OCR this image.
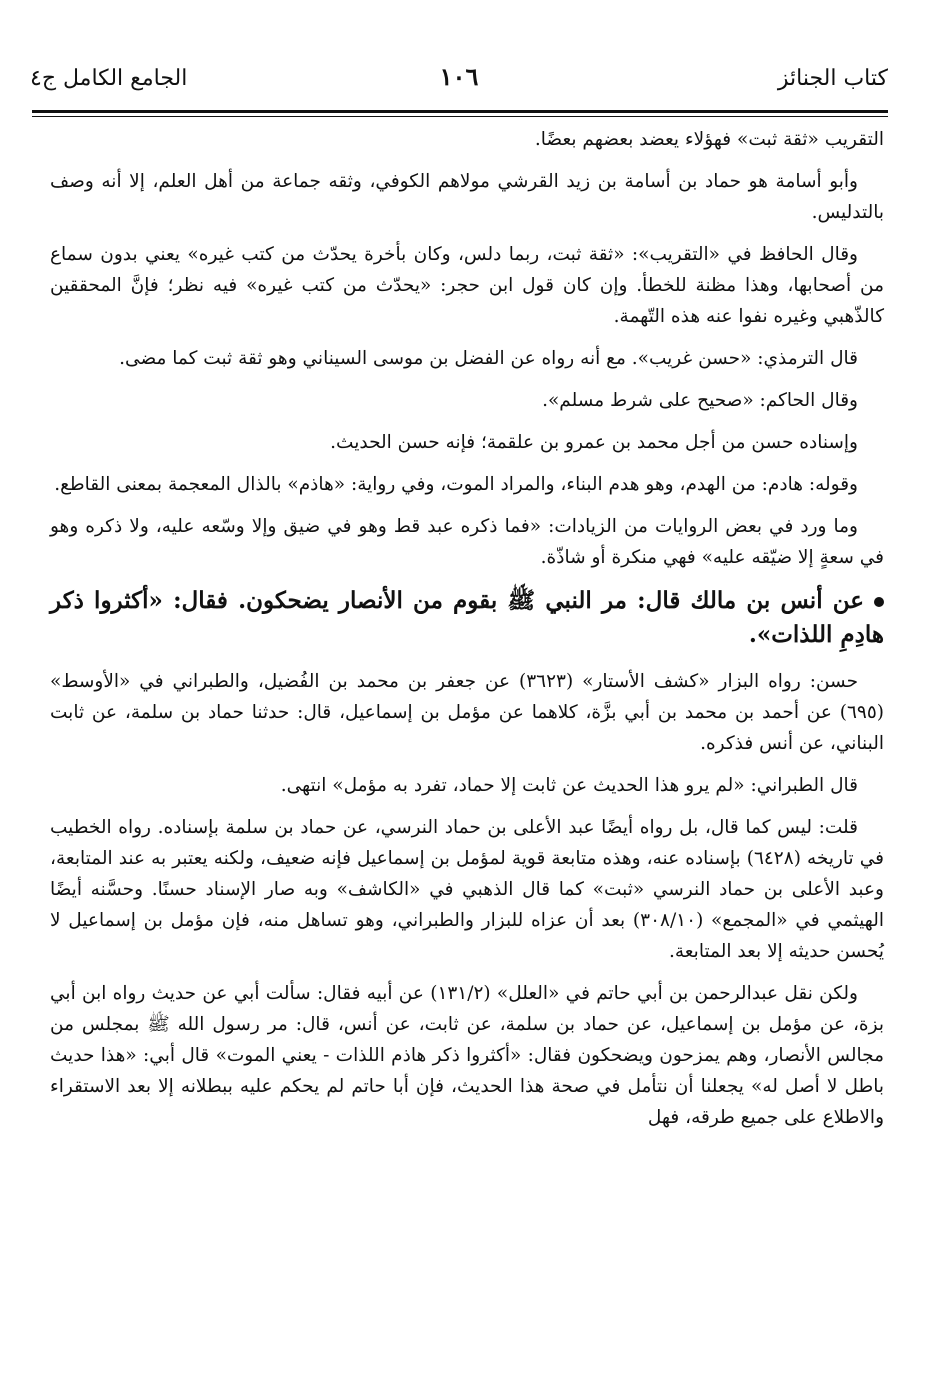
كتاب الجنائز
١٠٦
الجامع الكامل ج٤

التقريب «ثقة ثبت» فهؤلاء يعضد بعضهم بعضًا.

وأبو أسامة هو حماد بن أسامة بن زيد القرشي مولاهم الكوفي، وثقه جماعة من أهل العلم، إلا أنه وصف بالتدليس.

وقال الحافظ في «التقريب»: «ثقة ثبت، ربما دلس، وكان بأخرة يحدّث من كتب غيره» يعني بدون سماع من أصحابها، وهذا مظنة للخطأ. وإن كان قول ابن حجر: «يحدّث من كتب غيره» فيه نظر؛ فإنَّ المحققين كالذّهبي وغيره نفوا عنه هذه التّهمة.

قال الترمذي: «حسن غريب». مع أنه رواه عن الفضل بن موسى السيناني وهو ثقة ثبت كما مضى.

وقال الحاكم: «صحيح على شرط مسلم».

وإسناده حسن من أجل محمد بن عمرو بن علقمة؛ فإنه حسن الحديث.

وقوله: هادم: من الهدم، وهو هدم البناء، والمراد الموت، وفي رواية: «هاذم» بالذال المعجمة بمعنى القاطع.

وما ورد في بعض الروايات من الزيادات: «فما ذكره عبد قط وهو في ضيق وإلا وسّعه عليه، ولا ذكره وهو في سعةٍ إلا ضيّقه عليه» فهي منكرة أو شاذّة.

عن أنس بن مالك قال: مر النبي ﷺ بقوم من الأنصار يضحكون. فقال: «أكثروا ذكر هادِمِ اللذات».

حسن: رواه البزار «كشف الأستار» (٣٦٢٣) عن جعفر بن محمد بن الفُضيل، والطبراني في «الأوسط» (٦٩٥) عن أحمد بن محمد بن أبي بزَّة، كلاهما عن مؤمل بن إسماعيل، قال: حدثنا حماد بن سلمة، عن ثابت البناني، عن أنس فذكره.

قال الطبراني: «لم يرو هذا الحديث عن ثابت إلا حماد، تفرد به مؤمل» انتهى.

قلت: ليس كما قال، بل رواه أيضًا عبد الأعلى بن حماد النرسي، عن حماد بن سلمة بإسناده. رواه الخطيب في تاريخه (٦٤٢٨) بإسناده عنه، وهذه متابعة قوية لمؤمل بن إسماعيل فإنه ضعيف، ولكنه يعتبر به عند المتابعة، وعبد الأعلى بن حماد النرسي «ثبت» كما قال الذهبي في «الكاشف» وبه صار الإسناد حسنًا. وحسَّنه أيضًا الهيثمي في «المجمع» (٣٠٨/١٠) بعد أن عزاه للبزار والطبراني، وهو تساهل منه، فإن مؤمل بن إسماعيل لا يُحسن حديثه إلا بعد المتابعة.

ولكن نقل عبدالرحمن بن أبي حاتم في «العلل» (١٣١/٢) عن أبيه فقال: سألت أبي عن حديث رواه ابن أبي بزة، عن مؤمل بن إسماعيل، عن حماد بن سلمة، عن ثابت، عن أنس، قال: مر رسول الله ﷺ بمجلس من مجالس الأنصار، وهم يمزحون ويضحكون فقال: «أكثروا ذكر هاذم اللذات - يعني الموت» قال أبي: «هذا حديث باطل لا أصل له» يجعلنا أن نتأمل في صحة هذا الحديث، فإن أبا حاتم لم يحكم عليه ببطلانه إلا بعد الاستقراء والاطلاع على جميع طرقه، فهل
